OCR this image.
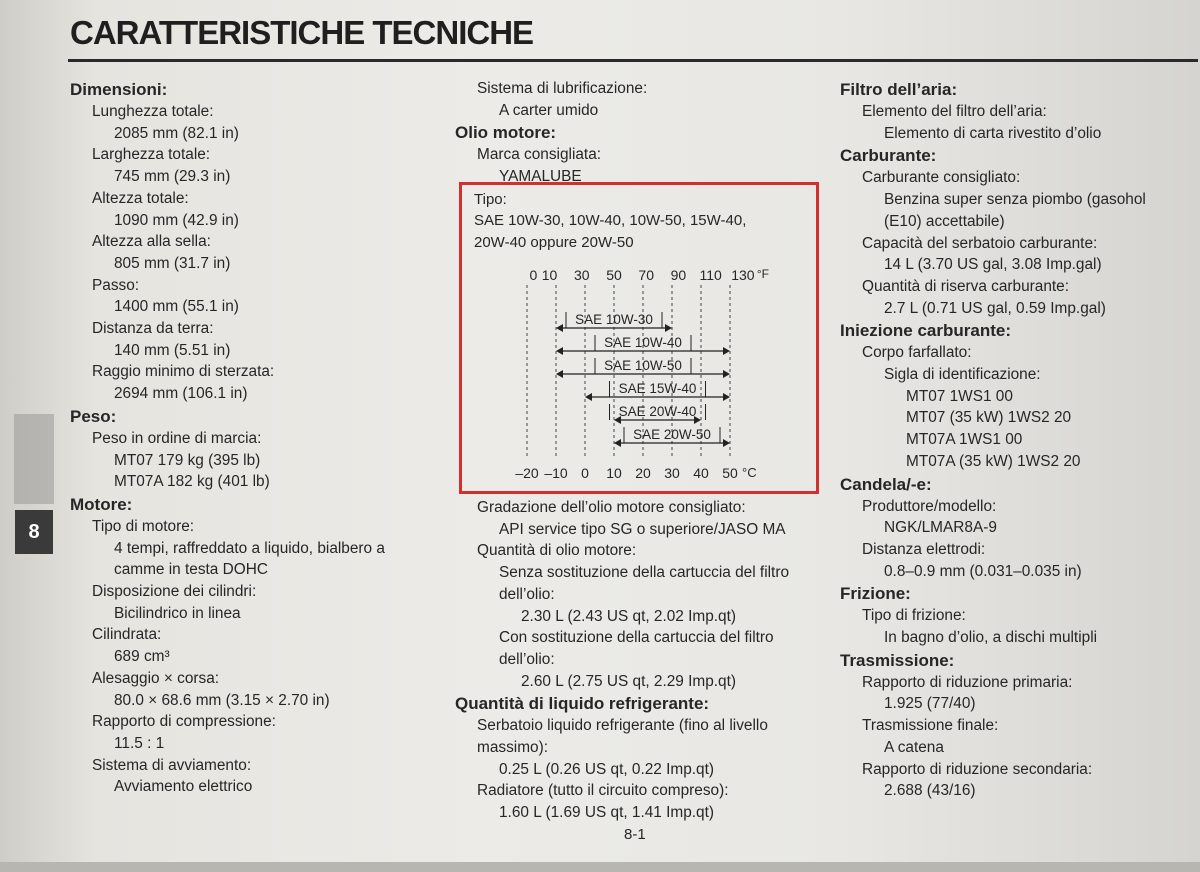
CARATTERISTICHE TECNICHE
8
Dimensioni:
Lunghezza totale:
2085 mm (82.1 in)
Larghezza totale:
745 mm (29.3 in)
Altezza totale:
1090 mm (42.9 in)
Altezza alla sella:
805 mm (31.7 in)
Passo:
1400 mm (55.1 in)
Distanza da terra:
140 mm (5.51 in)
Raggio minimo di sterzata:
2694 mm (106.1 in)
Peso:
Peso in ordine di marcia:
MT07 179 kg (395 lb)
MT07A 182 kg (401 lb)
Motore:
Tipo di motore:
4 tempi, raffreddato a liquido, bialbero a
camme in testa DOHC
Disposizione dei cilindri:
Bicilindrico in linea
Cilindrata:
689 cm³
Alesaggio × corsa:
80.0 × 68.6 mm (3.15 × 2.70 in)
Rapporto di compressione:
11.5 : 1
Sistema di avviamento:
Avviamento elettrico
Sistema di lubrificazione:
A carter umido
Olio motore:
Marca consigliata:
YAMALUBE
Tipo:
SAE 10W-30, 10W-40, 10W-50, 15W-40,
20W-40 oppure 20W-50
0 10 30 50 70 90 110 130 °F
–20 –10 0 10 20 30 40 50 °C
SAE 10W-30
SAE 10W-40
SAE 10W-50
SAE 15W-40
SAE 20W-40
SAE 20W-50
Gradazione dell’olio motore consigliato:
API service tipo SG o superiore/JASO MA
Quantità di olio motore:
Senza sostituzione della cartuccia del filtro
dell’olio:
2.30 L (2.43 US qt, 2.02 Imp.qt)
Con sostituzione della cartuccia del filtro
dell’olio:
2.60 L (2.75 US qt, 2.29 Imp.qt)
Quantità di liquido refrigerante:
Serbatoio liquido refrigerante (fino al livello
massimo):
0.25 L (0.26 US qt, 0.22 Imp.qt)
Radiatore (tutto il circuito compreso):
1.60 L (1.69 US qt, 1.41 Imp.qt)
Filtro dell’aria:
Elemento del filtro dell’aria:
Elemento di carta rivestito d’olio
Carburante:
Carburante consigliato:
Benzina super senza piombo (gasohol
(E10) accettabile)
Capacità del serbatoio carburante:
14 L (3.70 US gal, 3.08 Imp.gal)
Quantità di riserva carburante:
2.7 L (0.71 US gal, 0.59 Imp.gal)
Iniezione carburante:
Corpo farfallato:
Sigla di identificazione:
MT07 1WS1 00
MT07 (35 kW) 1WS2 20
MT07A 1WS1 00
MT07A (35 kW) 1WS2 20
Candela/-e:
Produttore/modello:
NGK/LMAR8A-9
Distanza elettrodi:
0.8–0.9 mm (0.031–0.035 in)
Frizione:
Tipo di frizione:
In bagno d’olio, a dischi multipli
Trasmissione:
Rapporto di riduzione primaria:
1.925 (77/40)
Trasmissione finale:
A catena
Rapporto di riduzione secondaria:
2.688 (43/16)
8-1
